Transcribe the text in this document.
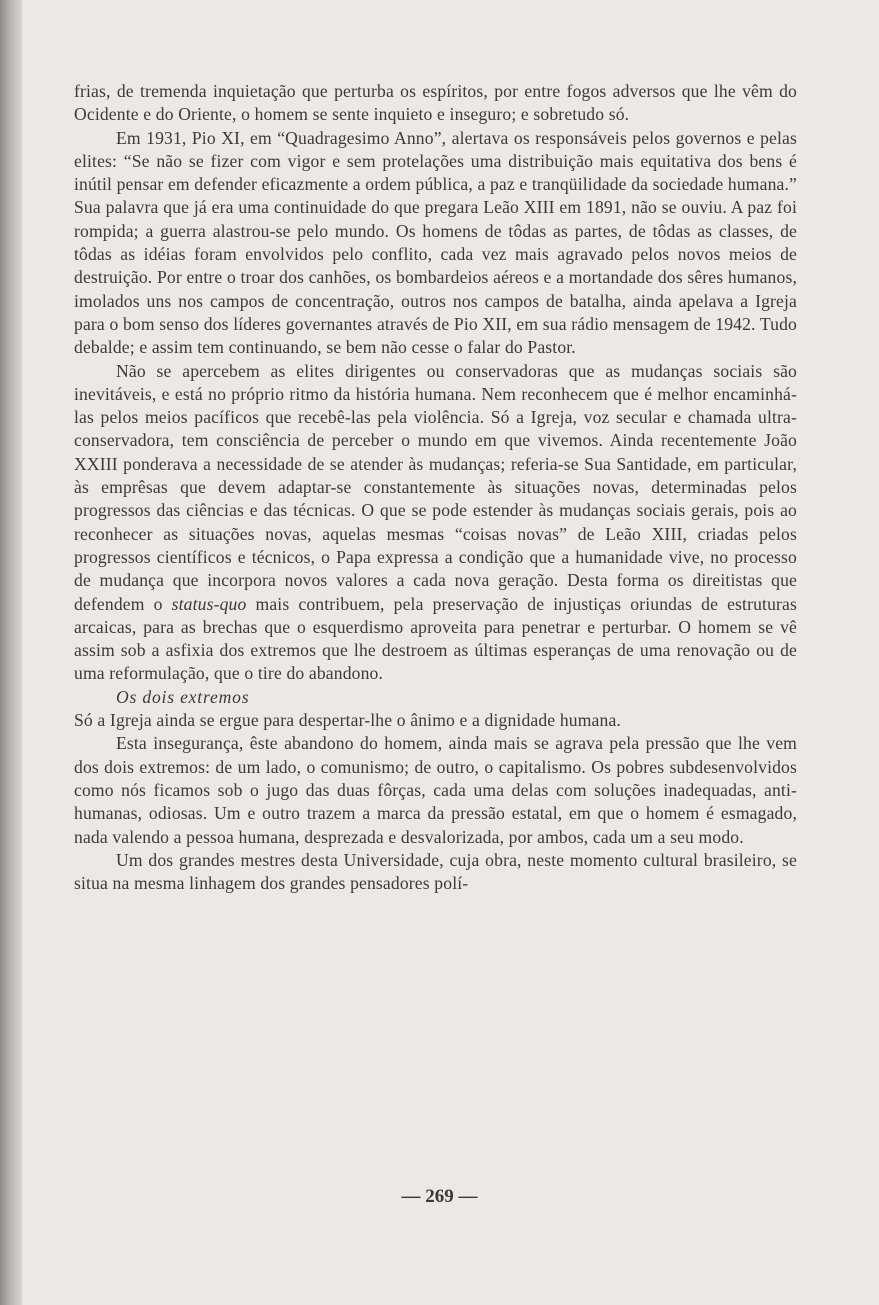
frias, de tremenda inquietação que perturba os espíritos, por entre fogos adversos que lhe vêm do Ocidente e do Oriente, o homem se sente inquieto e inseguro; e sobretudo só.

Em 1931, Pio XI, em “Quadragesimo Anno”, alertava os responsáveis pelos governos e pelas elites: “Se não se fizer com vigor e sem protelações uma distribuição mais equitativa dos bens é inútil pensar em defender eficazmente a ordem pública, a paz e tranqüilidade da sociedade humana.” Sua palavra que já era uma continuidade do que pregara Leão XIII em 1891, não se ouviu. A paz foi rompida; a guerra alastrou-se pelo mundo. Os homens de tôdas as partes, de tôdas as classes, de tôdas as idéias foram envolvidos pelo conflito, cada vez mais agravado pelos novos meios de destruição. Por entre o troar dos canhões, os bombardeios aéreos e a mortandade dos sêres humanos, imolados uns nos campos de concentração, outros nos campos de batalha, ainda apelava a Igreja para o bom senso dos líderes governantes através de Pio XII, em sua rádio mensagem de 1942. Tudo debalde; e assim tem continuando, se bem não cesse o falar do Pastor.

Não se apercebem as elites dirigentes ou conservadoras que as mudanças sociais são inevitáveis, e está no próprio ritmo da história humana. Nem reconhecem que é melhor encaminhá-las pelos meios pacíficos que recebê-las pela violência. Só a Igreja, voz secular e chamada ultra-conservadora, tem consciência de perceber o mundo em que vivemos. Ainda recentemente João XXIII ponderava a necessidade de se atender às mudanças; referia-se Sua Santidade, em particular, às emprêsas que devem adaptar-se constantemente às situações novas, determinadas pelos progressos das ciências e das técnicas. O que se pode estender às mudanças sociais gerais, pois ao reconhecer as situações novas, aquelas mesmas “coisas novas” de Leão XIII, criadas pelos progressos científicos e técnicos, o Papa expressa a condição que a humanidade vive, no processo de mudança que incorpora novos valores a cada nova geração. Desta forma os direitistas que defendem o status-quo mais contribuem, pela preservação de injustiças oriundas de estruturas arcaicas, para as brechas que o esquerdismo aproveita para penetrar e perturbar. O homem se vê assim sob a asfixia dos extremos que lhe destroem as últimas esperanças de uma renovação ou de uma reformulação, que o tire do abandono.

Os dois extremos

Só a Igreja ainda se ergue para despertar-lhe o ânimo e a dignidade humana.

Esta insegurança, êste abandono do homem, ainda mais se agrava pela pressão que lhe vem dos dois extremos: de um lado, o comunismo; de outro, o capitalismo. Os pobres subdesenvolvidos como nós ficamos sob o jugo das duas fôrças, cada uma delas com soluções inadequadas, anti-humanas, odiosas. Um e outro trazem a marca da pressão estatal, em que o homem é esmagado, nada valendo a pessoa humana, desprezada e desvalorizada, por ambos, cada um a seu modo.

Um dos grandes mestres desta Universidade, cuja obra, neste momento cultural brasileiro, se situa na mesma linhagem dos grandes pensadores polí-

— 269 —
